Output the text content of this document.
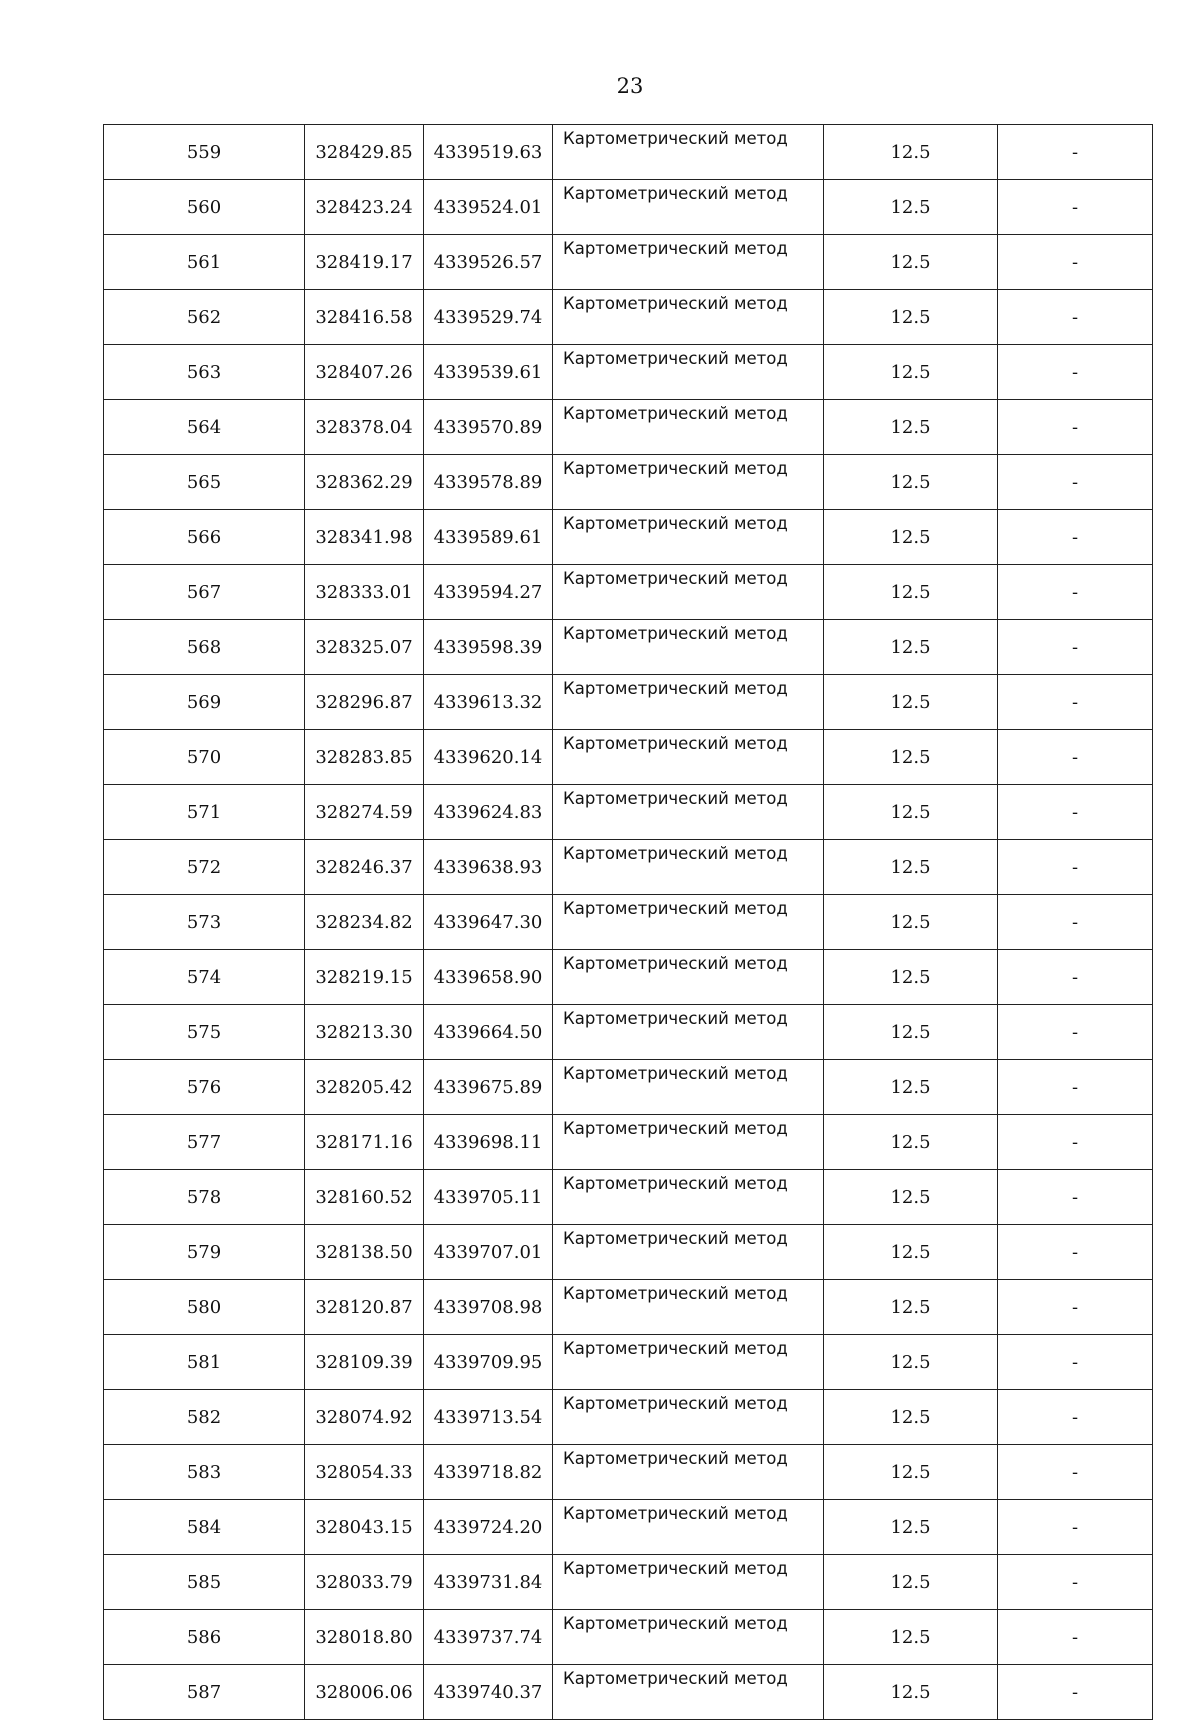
23
559	328429.85	4339519.63	Картометрический метод	12.5	-
560	328423.24	4339524.01	Картометрический метод	12.5	-
561	328419.17	4339526.57	Картометрический метод	12.5	-
562	328416.58	4339529.74	Картометрический метод	12.5	-
563	328407.26	4339539.61	Картометрический метод	12.5	-
564	328378.04	4339570.89	Картометрический метод	12.5	-
565	328362.29	4339578.89	Картометрический метод	12.5	-
566	328341.98	4339589.61	Картометрический метод	12.5	-
567	328333.01	4339594.27	Картометрический метод	12.5	-
568	328325.07	4339598.39	Картометрический метод	12.5	-
569	328296.87	4339613.32	Картометрический метод	12.5	-
570	328283.85	4339620.14	Картометрический метод	12.5	-
571	328274.59	4339624.83	Картометрический метод	12.5	-
572	328246.37	4339638.93	Картометрический метод	12.5	-
573	328234.82	4339647.30	Картометрический метод	12.5	-
574	328219.15	4339658.90	Картометрический метод	12.5	-
575	328213.30	4339664.50	Картометрический метод	12.5	-
576	328205.42	4339675.89	Картометрический метод	12.5	-
577	328171.16	4339698.11	Картометрический метод	12.5	-
578	328160.52	4339705.11	Картометрический метод	12.5	-
579	328138.50	4339707.01	Картометрический метод	12.5	-
580	328120.87	4339708.98	Картометрический метод	12.5	-
581	328109.39	4339709.95	Картометрический метод	12.5	-
582	328074.92	4339713.54	Картометрический метод	12.5	-
583	328054.33	4339718.82	Картометрический метод	12.5	-
584	328043.15	4339724.20	Картометрический метод	12.5	-
585	328033.79	4339731.84	Картометрический метод	12.5	-
586	328018.80	4339737.74	Картометрический метод	12.5	-
587	328006.06	4339740.37	Картометрический метод	12.5	-
